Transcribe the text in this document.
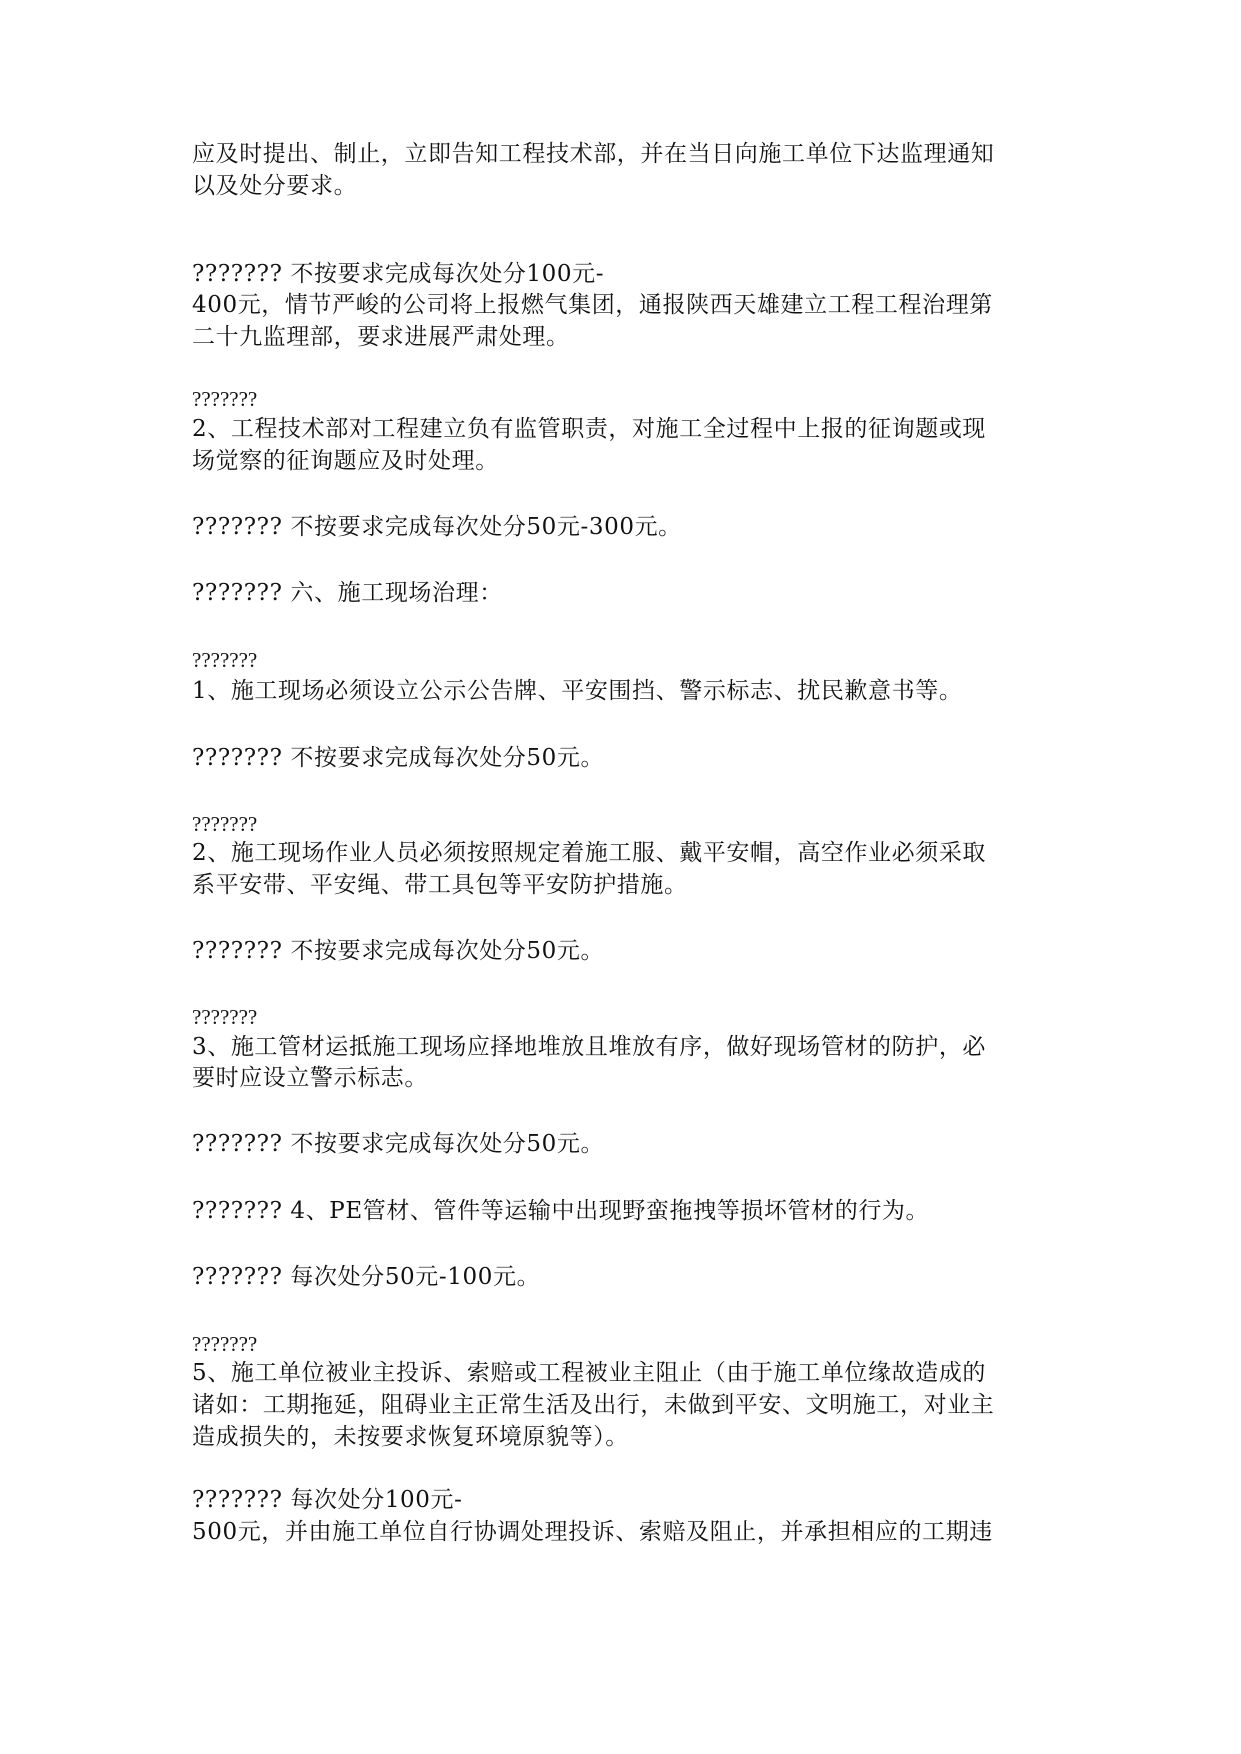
应及时提出、制止，立即告知工程技术部，并在当日向施工单位下达监理通知
以及处分要求。
??????? 不按要求完成每次处分100元-
400元，情节严峻的公司将上报燃气集团，通报陕西天雄建立工程工程治理第
二十九监理部，要求进展严肃处理。
???????
2、工程技术部对工程建立负有监管职责，对施工全过程中上报的征询题或现
场觉察的征询题应及时处理。
??????? 不按要求完成每次处分50元-300元。
??????? 六、施工现场治理：
???????
1、施工现场必须设立公示公告牌、平安围挡、警示标志、扰民歉意书等。
??????? 不按要求完成每次处分50元。
???????
2、施工现场作业人员必须按照规定着施工服、戴平安帽，高空作业必须采取
系平安带、平安绳、带工具包等平安防护措施。
??????? 不按要求完成每次处分50元。
???????
3、施工管材运抵施工现场应择地堆放且堆放有序，做好现场管材的防护，必
要时应设立警示标志。
??????? 不按要求完成每次处分50元。
??????? 4、PE管材、管件等运输中出现野蛮拖拽等损坏管材的行为。
??????? 每次处分50元-100元。
???????
5、施工单位被业主投诉、索赔或工程被业主阻止（由于施工单位缘故造成的
诸如：工期拖延，阻碍业主正常生活及出行，未做到平安、文明施工，对业主
造成损失的，未按要求恢复环境原貌等）。
??????? 每次处分100元-
500元，并由施工单位自行协调处理投诉、索赔及阻止，并承担相应的工期违
